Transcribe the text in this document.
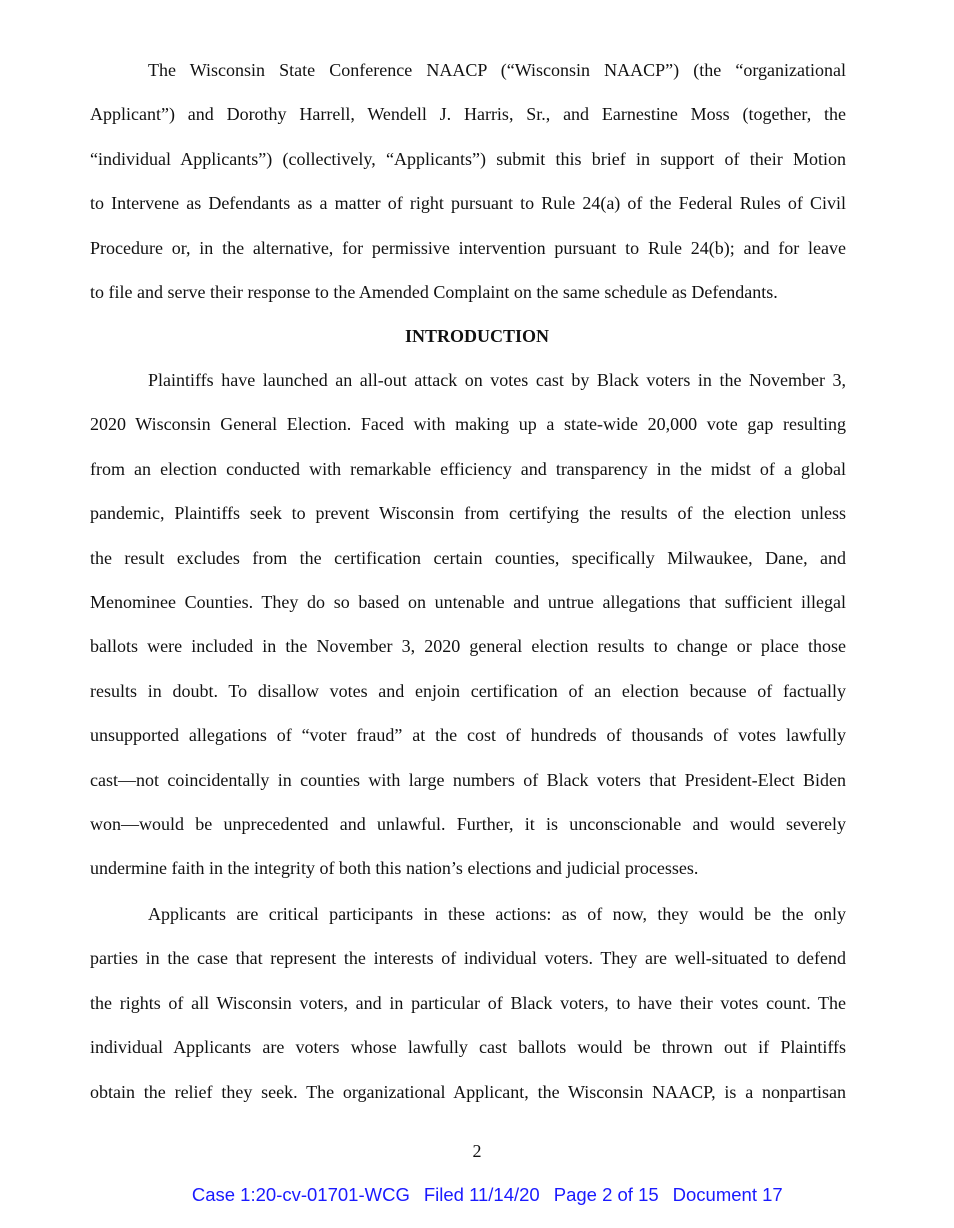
The Wisconsin State Conference NAACP (“Wisconsin NAACP”) (the “organizational
Applicant”) and Dorothy Harrell, Wendell J. Harris, Sr., and Earnestine Moss (together, the
“individual Applicants”) (collectively, “Applicants”) submit this brief in support of their Motion
to Intervene as Defendants as a matter of right pursuant to Rule 24(a) of the Federal Rules of Civil
Procedure or, in the alternative, for permissive intervention pursuant to Rule 24(b); and for leave
to file and serve their response to the Amended Complaint on the same schedule as Defendants.
INTRODUCTION
Plaintiffs have launched an all-out attack on votes cast by Black voters in the November 3,
2020 Wisconsin General Election. Faced with making up a state-wide 20,000 vote gap resulting
from an election conducted with remarkable efficiency and transparency in the midst of a global
pandemic, Plaintiffs seek to prevent Wisconsin from certifying the results of the election unless
the result excludes from the certification certain counties, specifically Milwaukee, Dane, and
Menominee Counties. They do so based on untenable and untrue allegations that sufficient illegal
ballots were included in the November 3, 2020 general election results to change or place those
results in doubt. To disallow votes and enjoin certification of an election because of factually
unsupported allegations of “voter fraud” at the cost of hundreds of thousands of votes lawfully
cast—not coincidentally in counties with large numbers of Black voters that President-Elect Biden
won—would be unprecedented and unlawful. Further, it is unconscionable and would severely
undermine faith in the integrity of both this nation’s elections and judicial processes.
Applicants are critical participants in these actions: as of now, they would be the only
parties in the case that represent the interests of individual voters. They are well-situated to defend
the rights of all Wisconsin voters, and in particular of Black voters, to have their votes count. The
individual Applicants are voters whose lawfully cast ballots would be thrown out if Plaintiffs
obtain the relief they seek. The organizational Applicant, the Wisconsin NAACP, is a nonpartisan
2

Case 1:20-cv-01701-WCG Filed 11/14/20 Page 2 of 15 Document 17
